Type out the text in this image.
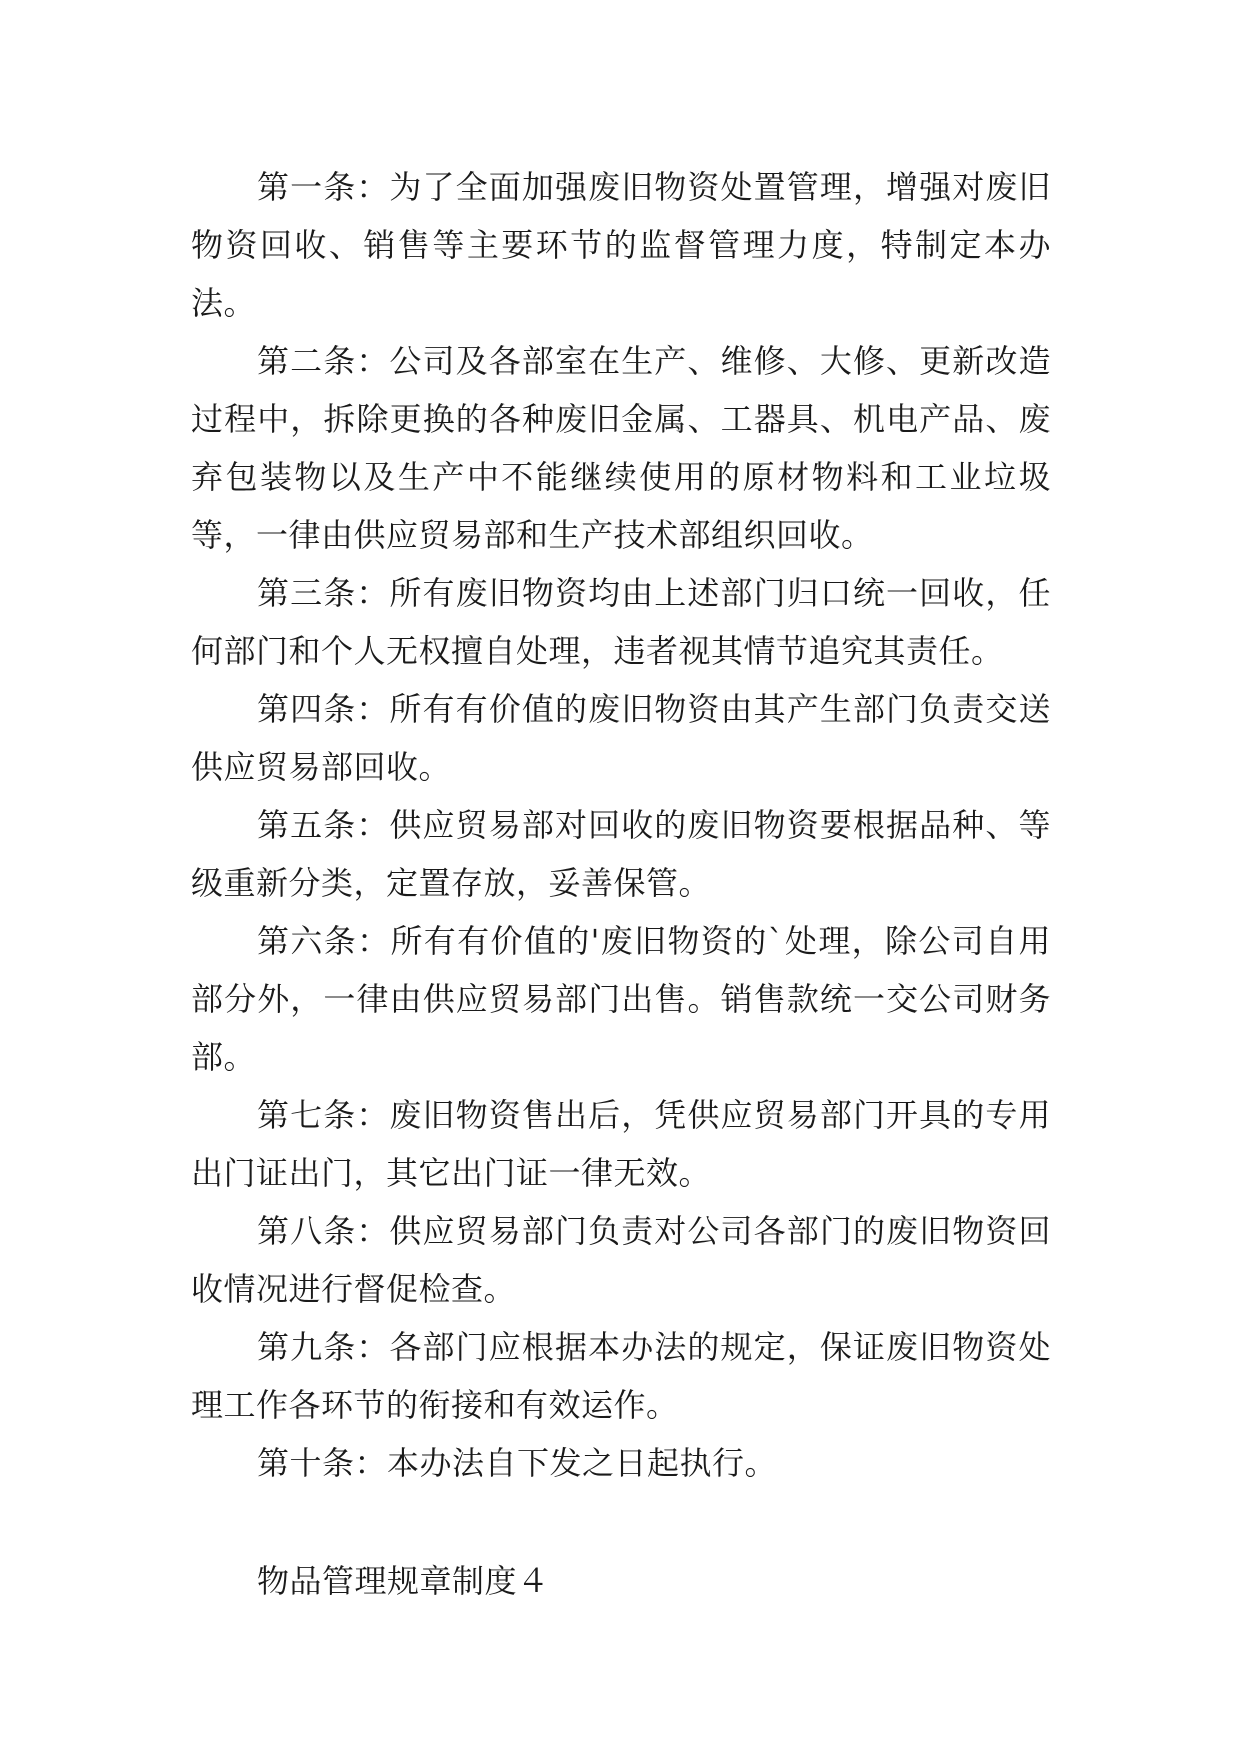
第一条：为了全面加强废旧物资处置管理，增强对废旧物资回收、销售等主要环节的监督管理力度，特制定本办法。

第二条：公司及各部室在生产、维修、大修、更新改造过程中，拆除更换的各种废旧金属、工器具、机电产品、废弃包装物以及生产中不能继续使用的原材物料和工业垃圾等，一律由供应贸易部和生产技术部组织回收。

第三条：所有废旧物资均由上述部门归口统一回收，任何部门和个人无权擅自处理，违者视其情节追究其责任。

第四条：所有有价值的废旧物资由其产生部门负责交送供应贸易部回收。

第五条：供应贸易部对回收的废旧物资要根据品种、等级重新分类，定置存放，妥善保管。

第六条：所有有价值的'废旧物资的`处理，除公司自用部分外，一律由供应贸易部门出售。销售款统一交公司财务部。

第七条：废旧物资售出后，凭供应贸易部门开具的专用出门证出门，其它出门证一律无效。

第八条：供应贸易部门负责对公司各部门的废旧物资回收情况进行督促检查。

第九条：各部门应根据本办法的规定，保证废旧物资处理工作各环节的衔接和有效运作。

第十条：本办法自下发之日起执行。

物品管理规章制度４
